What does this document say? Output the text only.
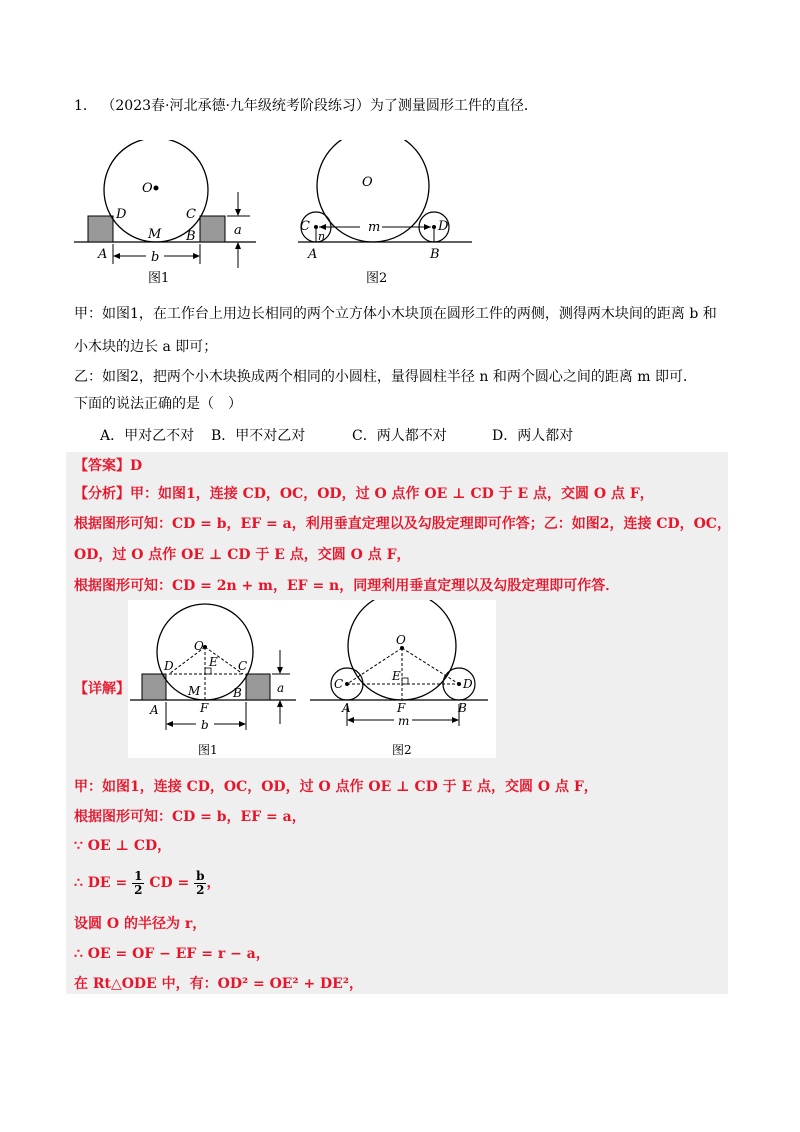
1． （2023春·河北承德·九年级统考阶段练习）为了测量圆形工件的直径．
O
D	C
M B
A	b
a
图1
O
C	D
n
m
A	B
图2
甲：如图1，在工作台上用边长相同的两个立方体小木块顶在圆形工件的两侧，测得两木块间的距离 b 和
小木块的边长 a 即可；
乙：如图2，把两个小木块换成两个相同的小圆柱，量得圆柱半径 n 和两个圆心之间的距离 m 即可．
下面的说法正确的是（　）
A．甲对乙不对 B．甲不对乙对	C．两人都不对	D．两人都对
【答案】D
【分析】甲：如图1，连接 CD，OC，OD，过 O 点作 OE ⊥ CD 于 E 点，交圆 O 点 F，
根据图形可知：CD = b，EF = a，利用垂直定理以及勾股定理即可作答；乙：如图2，连接 CD，OC，
OD，过 O 点作 OE ⊥ CD 于 E 点，交圆 O 点 F，
根据图形可知：CD = 2n + m，EF = n，同理利用垂直定理以及勾股定理即可作答．
【详解】
O
D	C
E
M	B
F
A
b
a
图1
O
C	D
E
F
A	B
m
图2
甲：如图1，连接 CD，OC，OD，过 O 点作 OE ⊥ CD 于 E 点，交圆 O 点 F，
根据图形可知：CD = b，EF = a，
∵ OE ⊥ CD，
∴ DE = $\frac{1}{2}$ CD = $\frac{b}{2}$ ，
设圆 O 的半径为 r，
∴ OE = OF − EF = r − a，
在 Rt△ODE 中，有：OD² = OE² + DE²，
